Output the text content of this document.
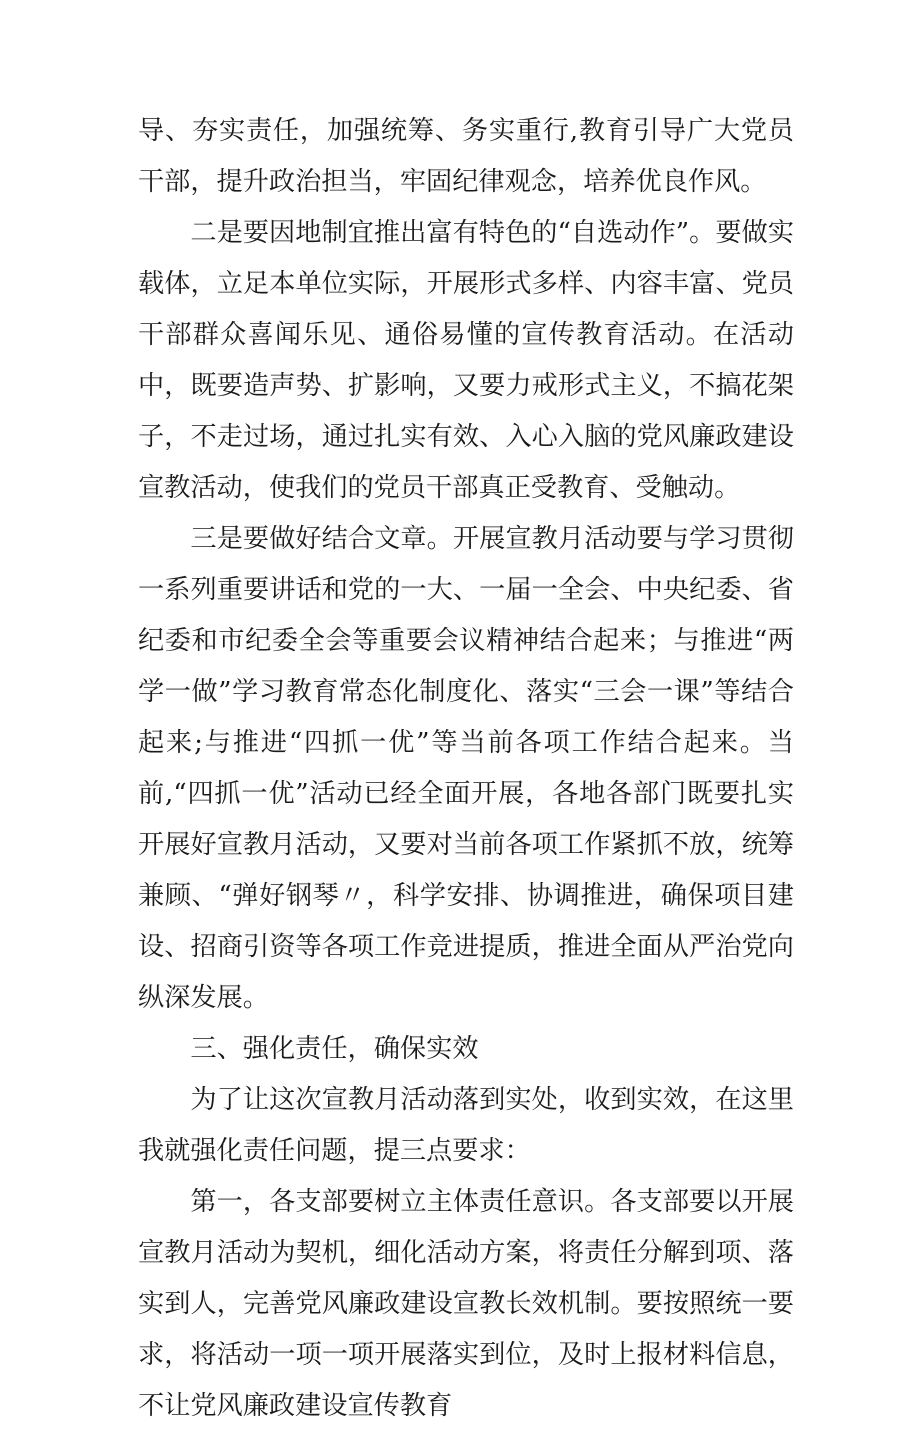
导、夯实责任，加强统筹、务实重行,教育引导广大党员干部，提升政治担当，牢固纪律观念，培养优良作风。

二是要因地制宜推出富有特色的“自选动作”。要做实载体，立足本单位实际，开展形式多样、内容丰富、党员干部群众喜闻乐见、通俗易懂的宣传教育活动。在活动中，既要造声势、扩影响，又要力戒形式主义，不搞花架子，不走过场，通过扎实有效、入心入脑的党风廉政建设宣教活动，使我们的党员干部真正受教育、受触动。

三是要做好结合文章。开展宣教月活动要与学习贯彻一系列重要讲话和党的一大、一届一全会、中央纪委、省纪委和市纪委全会等重要会议精神结合起来；与推进“两学一做”学习教育常态化制度化、落实“三会一课”等结合起来;与推进“四抓一优”等当前各项工作结合起来。当前,“四抓一优”活动已经全面开展，各地各部门既要扎实开展好宣教月活动，又要对当前各项工作紧抓不放，统筹兼顾、“弹好钢琴〃，科学安排、协调推进，确保项目建设、招商引资等各项工作竞进提质，推进全面从严治党向纵深发展。

三、强化责任，确保实效

为了让这次宣教月活动落到实处，收到实效，在这里我就强化责任问题，提三点要求：

第一，各支部要树立主体责任意识。各支部要以开展宣教月活动为契机，细化活动方案，将责任分解到项、落实到人，完善党风廉政建设宣教长效机制。要按照统一要求，将活动一项一项开展落实到位，及时上报材料信息，不让党风廉政建设宣传教育
